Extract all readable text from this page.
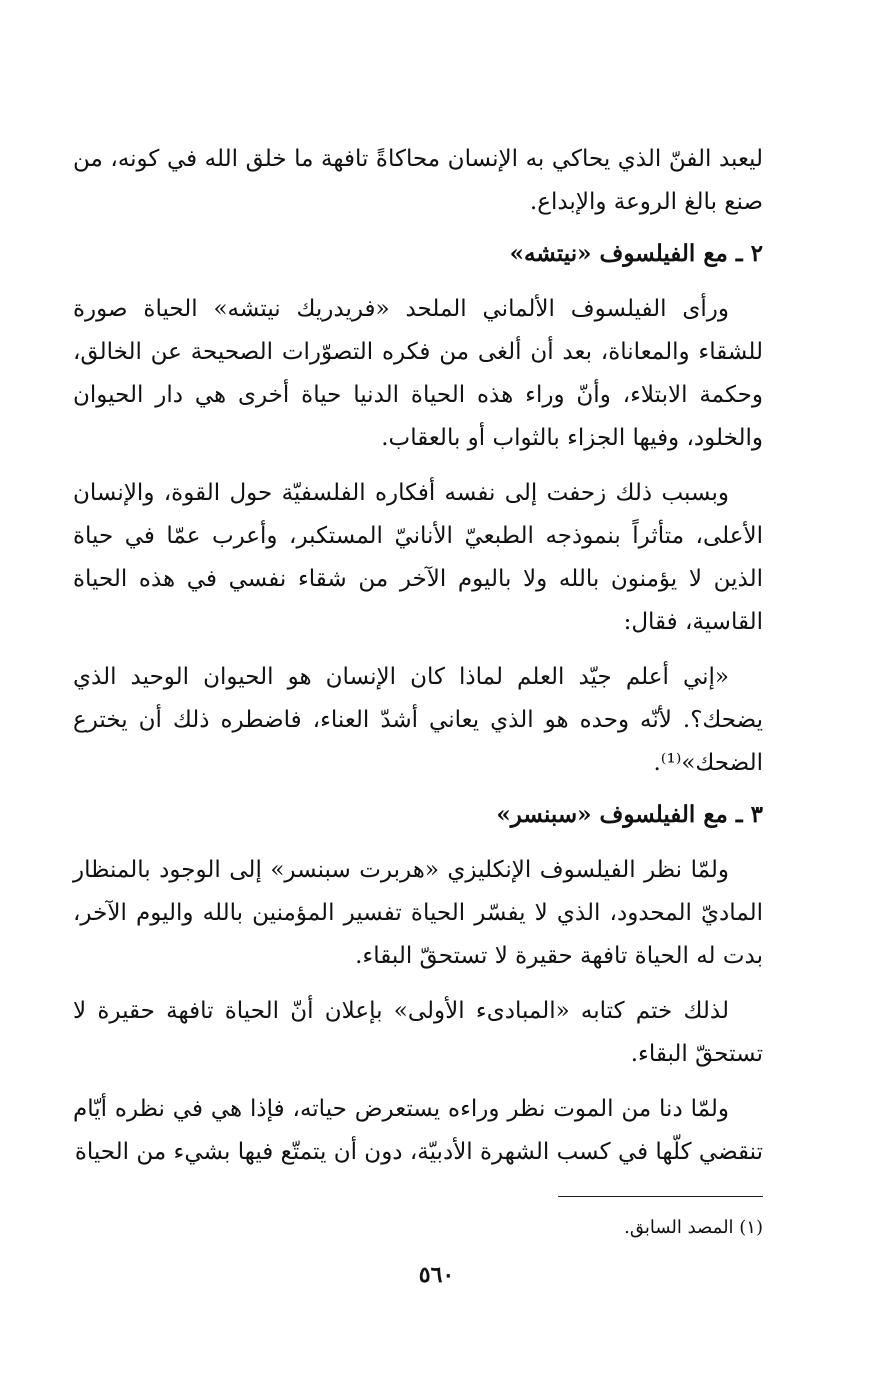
ليعبد الفنّ الذي يحاكي به الإنسان محاكاةً تافهة ما خلق الله في كونه، من صنع بالغ الروعة والإبداع.

٢ ـ مع الفيلسوف «نيتشه»

ورأى الفيلسوف الألماني الملحد «فريدريك نيتشه» الحياة صورة للشقاء والمعاناة، بعد أن ألغى من فكره التصوّرات الصحيحة عن الخالق، وحكمة الابتلاء، وأنّ وراء هذه الحياة الدنيا حياة أخرى هي دار الحيوان والخلود، وفيها الجزاء بالثواب أو بالعقاب.

وبسبب ذلك زحفت إلى نفسه أفكاره الفلسفيّة حول القوة، والإنسان الأعلى، متأثراً بنموذجه الطبعيّ الأنانيّ المستكبر، وأعرب عمّا في حياة الذين لا يؤمنون بالله ولا باليوم الآخر من شقاء نفسي في هذه الحياة القاسية، فقال:

«إني أعلم جيّد العلم لماذا كان الإنسان هو الحيوان الوحيد الذي يضحك؟. لأنّه وحده هو الذي يعاني أشدّ العناء، فاضطره ذلك أن يخترع الضحك»⁽¹⁾.

٣ ـ مع الفيلسوف «سبنسر»

ولمّا نظر الفيلسوف الإنكليزي «هربرت سبنسر» إلى الوجود بالمنظار الماديّ المحدود، الذي لا يفسّر الحياة تفسير المؤمنين بالله واليوم الآخر، بدت له الحياة تافهة حقيرة لا تستحقّ البقاء.

لذلك ختم كتابه «المبادىء الأولى» بإعلان أنّ الحياة تافهة حقيرة لا تستحقّ البقاء.

ولمّا دنا من الموت نظر وراءه يستعرض حياته، فإذا هي في نظره أيّام تنقضي كلّها في كسب الشهرة الأدبيّة، دون أن يتمتّع فيها بشيء من الحياة

(١) المصد السابق.
٥٦٠
